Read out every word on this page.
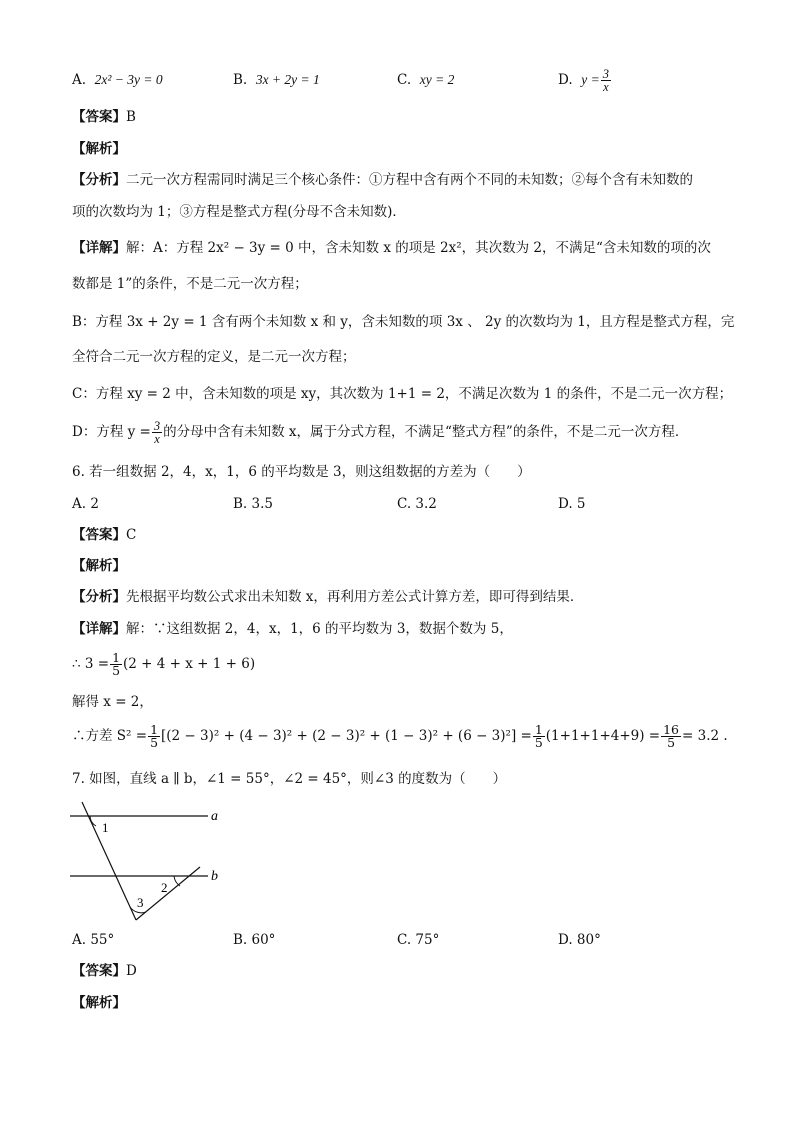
A. 2x² − 3y = 0	B. 3x + 2y = 1	C. xy = 2	D. $y = \frac{3}{x}$
【答案】B
【解析】
【分析】二元一次方程需同时满足三个核心条件：①方程中含有两个不同的未知数；②每个含有未知数的
项的次数均为 1；③方程是整式方程(分母不含未知数)．
【详解】解：A：方程 2x² − 3y = 0 中，含未知数 x 的项是 2x²，其次数为 2，不满足“含未知数的项的次
数都是 1”的条件，不是二元一次方程；
B：方程 3x + 2y = 1 含有两个未知数 x 和 y，含未知数的项 3x 、 2y 的次数均为 1，且方程是整式方程，完
全符合二元一次方程的定义，是二元一次方程；
C：方程 xy = 2 中，含未知数的项是 xy，其次数为 1+1 = 2，不满足次数为 1 的条件，不是二元一次方程；
D：方程 $y = \frac{3}{x}$ 的分母中含有未知数 x，属于分式方程，不满足“整式方程”的条件，不是二元一次方程．
6. 若一组数据 2，4，x，1，6 的平均数是 3，则这组数据的方差为（　　）
A. 2	B. 3.5	C. 3.2	D. 5
【答案】C
【解析】
【分析】先根据平均数公式求出未知数 x，再利用方差公式计算方差，即可得到结果．
【详解】解：∵这组数据 2，4，x，1，6 的平均数为 3，数据个数为 5，
∴ $3 = \frac{1}{5} (2 + 4 + x + 1 + 6)$
解得 x = 2，
∴方差 $S^2 = \frac{1}{5} [(2 - 3)^2 + (4 - 3)^2 + (2 - 3)^2 + (1 - 3)^2 + (6 - 3)^2] = \frac{1}{5} (1+1+1+4+9) = \frac{16}{5} = 3.2$ .
7. 如图，直线 a ∥ b，∠1 = 55°，∠2 = 45°，则∠3 的度数为（　　）
1
2
3
a
b
A. 55°	B. 60°	C. 75°	D. 80°
【答案】D
【解析】
